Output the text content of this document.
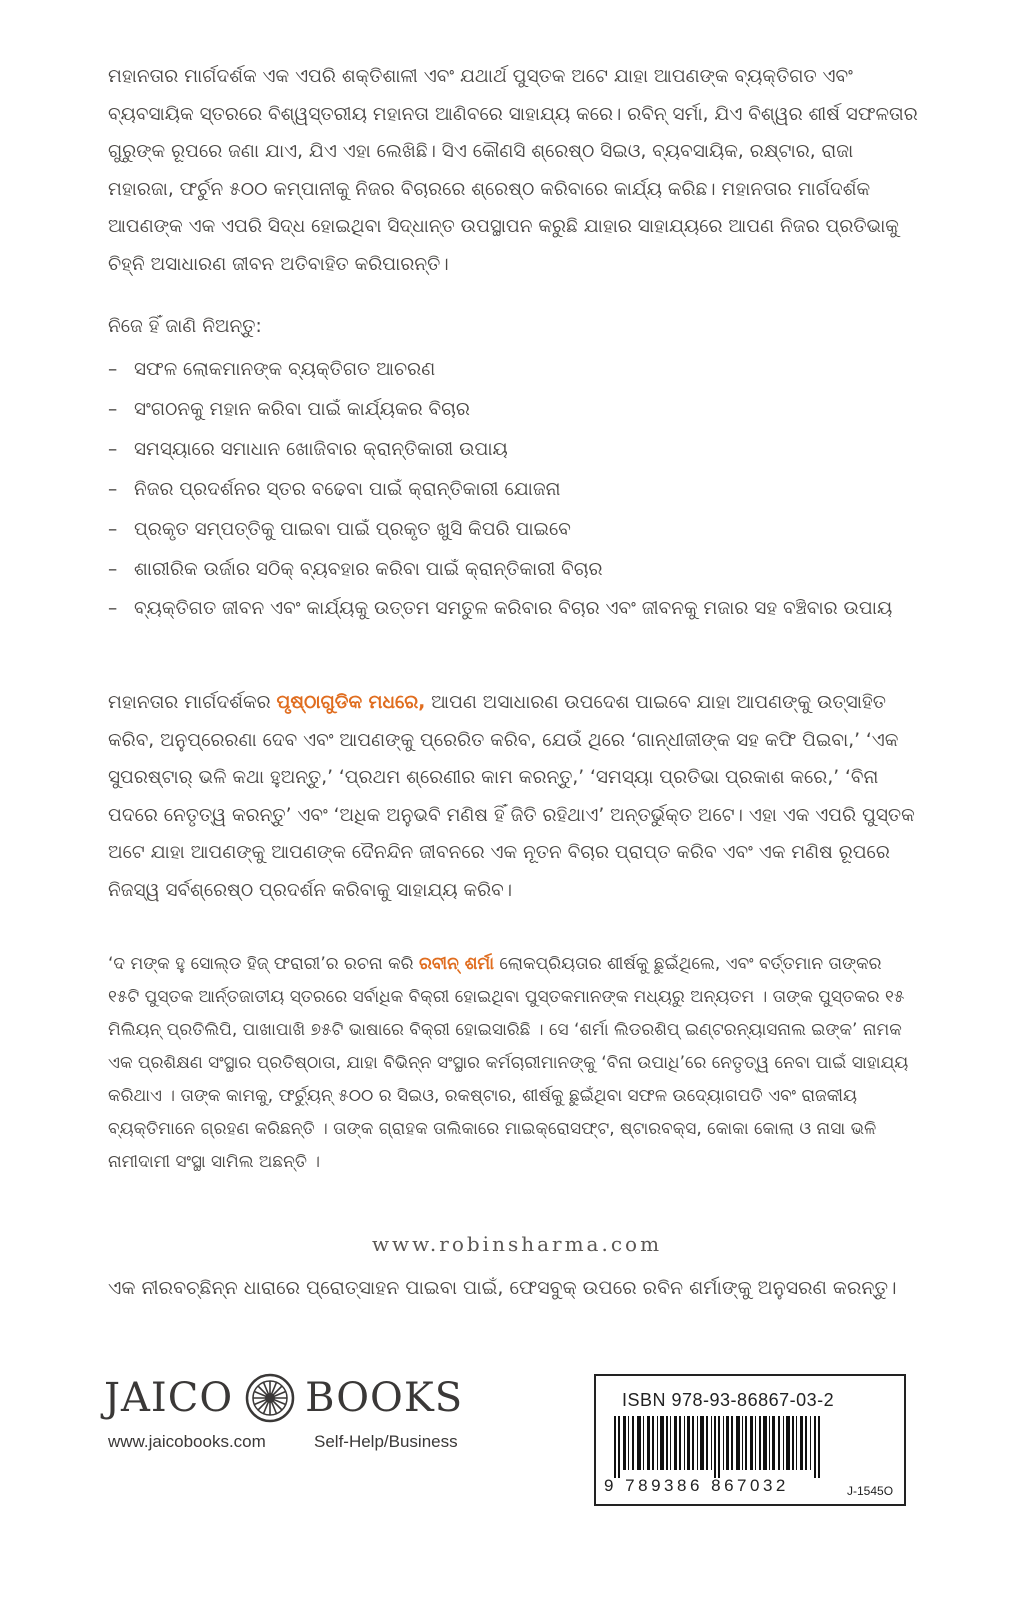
ମହାନତାର ମାର୍ଗଦର୍ଶକ ଏକ ଏପରି ଶକ୍ତିଶାଳୀ ଏବଂ ଯଥାର୍ଥ ପୁସ୍ତକ ଅଟେ ଯାହା ଆପଣଙ୍କ ବ୍ୟକ୍ତିଗତ ଏବଂ ବ୍ୟବସାୟିକ ସ୍ତରରେ ବିଶ୍ୱସ୍ତରୀୟ ମହାନତା ଆଣିବରେ ସାହାଯ୍ୟ କରେ। ରବିନ୍ ସର୍ମା, ଯିଏ ବିଶ୍ୱର ଶୀର୍ଷ ସଫଳତାର ଗୁରୁଙ୍କ ରୂପରେ ଜଣା ଯାଏ, ଯିଏ ଏହା ଲେଖିଛି। ସିଏ କୌଣସି ଶ୍ରେଷ୍ଠ ସିଇଓ, ବ୍ୟବସାୟିକ, ରକ୍ଷ୍ଟାର, ରାଜା ମହାରଜା, ଫର୍ଚୁନ ୫୦୦ କମ୍ପାନୀକୁ ନିଜର ବିଚାରରେ ଶ୍ରେଷ୍ଠ କରିବାରେ କାର୍ଯ୍ୟ କରିଛ। ମହାନତାର ମାର୍ଗଦର୍ଶକ ଆପଣଙ୍କ ଏକ ଏପରି ସିଦ୍ଧ ହୋଇଥିବା ସିଦ୍ଧାନ୍ତ ଉପସ୍ଥାପନ କରୁଛି ଯାହାର ସାହାଯ୍ୟରେ ଆପଣ ନିଜର ପ୍ରତିଭାକୁ ଚିହ୍ନି ଅସାଧାରଣ ଜୀବନ ଅତିବାହିତ କରିପାରନ୍ତି।

ନିଜେ ହିଁ ଜାଣି ନିଅନ୍ତୁ:

– ସଫଳ ଲୋକମାନଙ୍କ ବ୍ୟକ୍ତିଗତ ଆଚରଣ
– ସଂଗଠନକୁ ମହାନ କରିବା ପାଇଁ କାର୍ଯ୍ୟକର ବିଚାର
– ସମସ୍ୟାରେ ସମାଧାନ ଖୋଜିବାର କ୍ରାନ୍ତିକାରୀ ଉପାୟ
– ନିଜର ପ୍ରଦର୍ଶନର ସ୍ତର ବଢେବା ପାଇଁ କ୍ରାନ୍ତିକାରୀ ଯୋଜନା
– ପ୍ରକୃତ ସମ୍ପତ୍ତିକୁ ପାଇବା ପାଇଁ ପ୍ରକୃତ ଖୁସି କିପରି ପାଇବେ
– ଶାରୀରିକ ଉର୍ଜାର ସଠିକ୍ ବ୍ୟବହାର କରିବା ପାଇଁ କ୍ରାନ୍ତିକାରୀ ବିଚାର
– ବ୍ୟକ୍ତିଗତ ଜୀବନ ଏବଂ କାର୍ଯ୍ୟକୁ ଉତ୍ତମ ସମତୁଳ କରିବାର ବିଚାର ଏବଂ ଜୀବନକୁ ମଜାର ସହ ବଞ୍ଚିବାର ଉପାୟ

ମହାନତାର ମାର୍ଗଦର୍ଶକର ପୃଷ୍ଠାଗୁଡିକ ମଧରେ, ଆପଣ ଅସାଧାରଣ ଉପଦେଶ ପାଇବେ ଯାହା ଆପଣଙ୍କୁ ଉତ୍ସାହିତ କରିବ, ଅନୁପ୍ରେରଣା ଦେବ ଏବଂ ଆପଣଙ୍କୁ ପ୍ରେରିତ କରିବ, ଯେଉଁ ଥିରେ ‘ଗାନ୍ଧୀଜୀଙ୍କ ସହ କଫି ପିଇବା,’ ‘ଏକ ସୁପରଷ୍ଟାର୍ ଭଳି କଥା ହୁଅନ୍ତୁ,’ ‘ପ୍ରଥମ ଶ୍ରେଣୀର କାମ କରନ୍ତୁ,’ ‘ସମସ୍ୟା ପ୍ରତିଭା ପ୍ରକାଶ କରେ,’ ‘ବିନା ପଦରେ ନେତୃତ୍ୱ କରନ୍ତୁ’ ଏବଂ ‘ଅଧିକ ଅନୁଭବି ମଣିଷ ହିଁ ଜିତି ରହିଥାଏ’ ଅନ୍ତର୍ଭୁକ୍ତ ଅଟେ। ଏହା ଏକ ଏପରି ପୁସ୍ତକ ଅଟେ ଯାହା ଆପଣଙ୍କୁ ଆପଣଙ୍କ ଦୈନନ୍ଦିନ ଜୀବନରେ ଏକ ନୂତନ ବିଚାର ପ୍ରାପ୍ତ କରିବ ଏବଂ ଏକ ମଣିଷ ରୂପରେ ନିଜସ୍ୱ ସର୍ବଶ୍ରେଷ୍ଠ ପ୍ରଦର୍ଶନ କରିବାକୁ ସାହାଯ୍ୟ କରିବ।

‘ଦ ମଙ୍କ ହୁ ସୋଲ୍ଡ ହିଜ୍ ଫରାରୀ’ର ରଚନା କରି ରବୀନ୍ ଶର୍ମା ଲୋକପ୍ରିୟତାର ଶୀର୍ଷକୁ ଛୁଇଁଥିଲେ, ଏବଂ ବର୍ତ୍ତମାନ ତାଙ୍କର ୧୫ଟି ପୁସ୍ତକ ଆର୍ନ୍ତଜାତୀୟ ସ୍ତରରେ ସର୍ବାଧିକ ବିକ୍ରୀ ହୋଇଥିବା ପୁସ୍ତକମାନଙ୍କ ମଧ୍ୟରୁ ଅନ୍ୟତମ । ତାଙ୍କ ପୁସ୍ତକର ୧୫ ମିଲିୟନ୍ ପ୍ରତିଲିପି, ପାଖାପାଖି ୭୫ଟି ଭାଷାରେ ବିକ୍ରୀ ହୋଇସାରିଛି । ସେ ‘ଶର୍ମା ଲିଡରଶିପ୍ ଇଣ୍ଟରନ୍ୟାସନାଲ ଇଙ୍କ’ ନାମକ ଏକ ପ୍ରଶିକ୍ଷଣ ସଂସ୍ଥାର ପ୍ରତିଷ୍ଠାତା, ଯାହା ବିଭିନ୍ନ ସଂସ୍ଥାର କର୍ମଚାରୀମାନଙ୍କୁ ‘ବିନା ଉପାଧି’ରେ ନେତୃତ୍ୱ ନେବା ପାଇଁ ସାହାଯ୍ୟ କରିଥାଏ । ତାଙ୍କ କାମକୁ, ଫର୍ଚ୍ୟୁନ୍ ୫୦୦ ର ସିଇଓ, ରକଷ୍ଟାର, ଶୀର୍ଷକୁ ଛୁଇଁଥିବା ସଫଳ ଉଦ୍ୟୋଗପତି ଏବଂ ରାଜକୀୟ ବ୍ୟକ୍ତିମାନେ ଗ୍ରହଣ କରିଛନ୍ତି । ତାଙ୍କ ଗ୍ରାହକ ତାଲିକାରେ ମାଇକ୍ରୋସଫ୍ଟ, ଷ୍ଟାରବକ୍ସ, କୋକା କୋଲା ଓ ନାସା ଭଳି ନାମୀଦାମୀ ସଂସ୍ଥା ସାମିଲ ଅଛନ୍ତି ।

www.robinsharma.com
ଏକ ନୀରବଚ୍ଛିନ୍ନ ଧାରାରେ ପ୍ରୋତ୍ସାହନ ପାଇବା ପାଇଁ, ଫେସବୁକ୍ ଉପରେ ରବିନ ଶର୍ମାଙ୍କୁ ଅନୁସରଣ କରନ୍ତୁ।
JAICO BOOKS
www.jaicobooks.com	Self-Help/Business
ISBN 978-93-86867-03-2
9 789386 867032	J-1545O
